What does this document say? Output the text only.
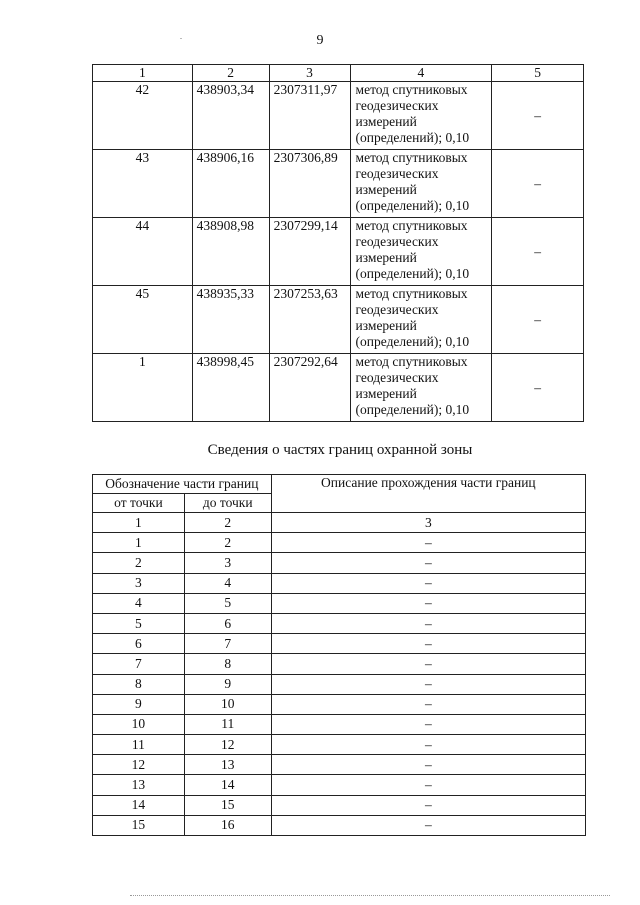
9
1	2	3	4	5
42	438903,34	2307311,97	метод спутниковых
геодезических
измерений
(определений); 0,10	–
43	438906,16	2307306,89	метод спутниковых
геодезических
измерений
(определений); 0,10	–
44	438908,98	2307299,14	метод спутниковых
геодезических
измерений
(определений); 0,10	–
45	438935,33	2307253,63	метод спутниковых
геодезических
измерений
(определений); 0,10	–
1	438998,45	2307292,64	метод спутниковых
геодезических
измерений
(определений); 0,10	–
Сведения о частях границ охранной зоны
Обозначение части границ		Описание прохождения части границ
от точки	до точки	
1	2	3
1	2	–
2	3	–
3	4	–
4	5	–
5	6	–
6	7	–
7	8	–
8	9	–
9	10	–
10	11	–
11	12	–
12	13	–
13	14	–
14	15	–
15	16	–
